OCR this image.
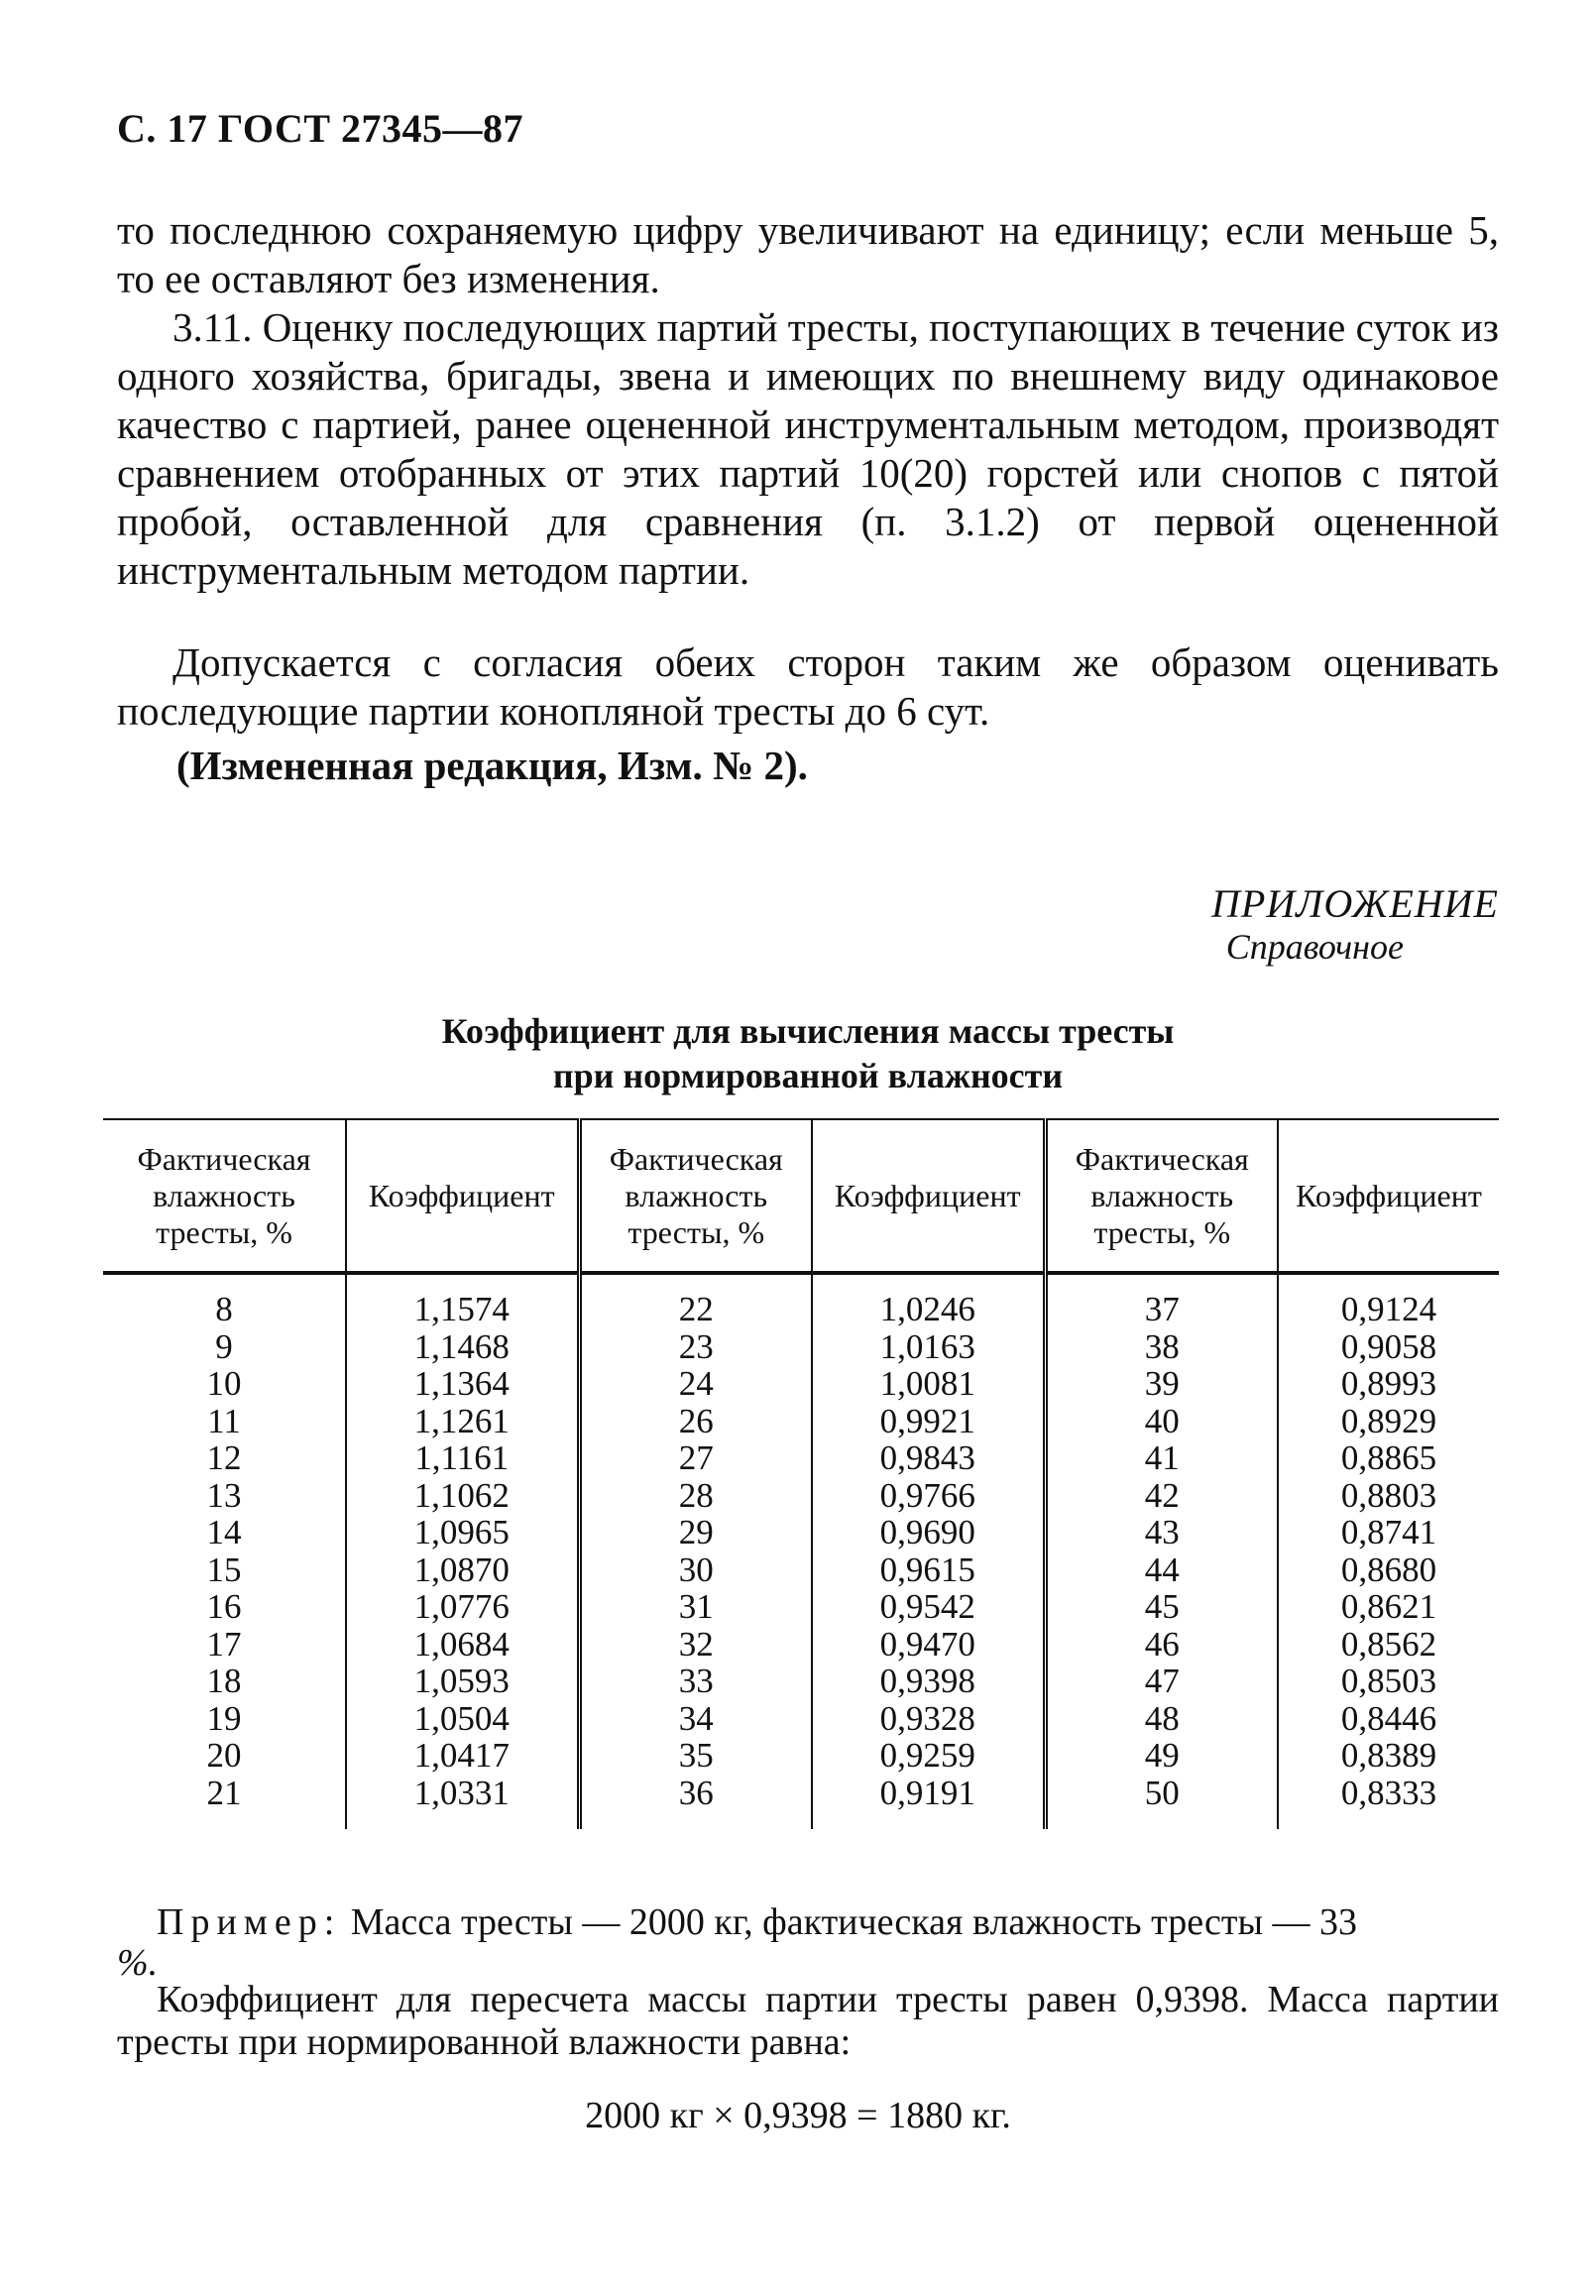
С. 17 ГОСТ 27345—87
то последнюю сохраняемую цифру увеличивают на единицу; если меньше 5, то ее оставляют без изменения.
3.11. Оценку последующих партий тресты, поступающих в течение суток из одного хозяйства, бригады, звена и имеющих по внешнему виду одинаковое качество с партией, ранее оцененной инструментальным методом, производят сравнением отобранных от этих партий 10(20) горстей или снопов с пятой пробой, оставленной для сравнения (п. 3.1.2) от первой оцененной инструментальным методом партии.
Допускается с согласия обеих сторон таким же образом оценивать последующие партии конопляной тресты до 6 сут.
(Измененная редакция, Изм. № 2).
ПРИЛОЖЕНИЕ
Справочное
Коэффициент для вычисления массы тресты
при нормированной влажности
Фактическая влажность тресты, %	Коэффициент	Фактическая влажность тресты, %	Коэффициент	Фактическая влажность тресты, %	Коэффициент
8	1,1574	22	1,0246	37	0,9124
9	1,1468	23	1,0163	38	0,9058
10	1,1364	24	1,0081	39	0,8993
11	1,1261	26	0,9921	40	0,8929
12	1,1161	27	0,9843	41	0,8865
13	1,1062	28	0,9766	42	0,8803
14	1,0965	29	0,9690	43	0,8741
15	1,0870	30	0,9615	44	0,8680
16	1,0776	31	0,9542	45	0,8621
17	1,0684	32	0,9470	46	0,8562
18	1,0593	33	0,9398	47	0,8503
19	1,0504	34	0,9328	48	0,8446
20	1,0417	35	0,9259	49	0,8389
21	1,0331	36	0,9191	50	0,8333
Пример: Масса тресты — 2000 кг, фактическая влажность тресты — 33
%.
Коэффициент для пересчета массы партии тресты равен 0,9398. Масса партии тресты при нормированной влажности равна:
2000 кг × 0,9398 = 1880 кг.
